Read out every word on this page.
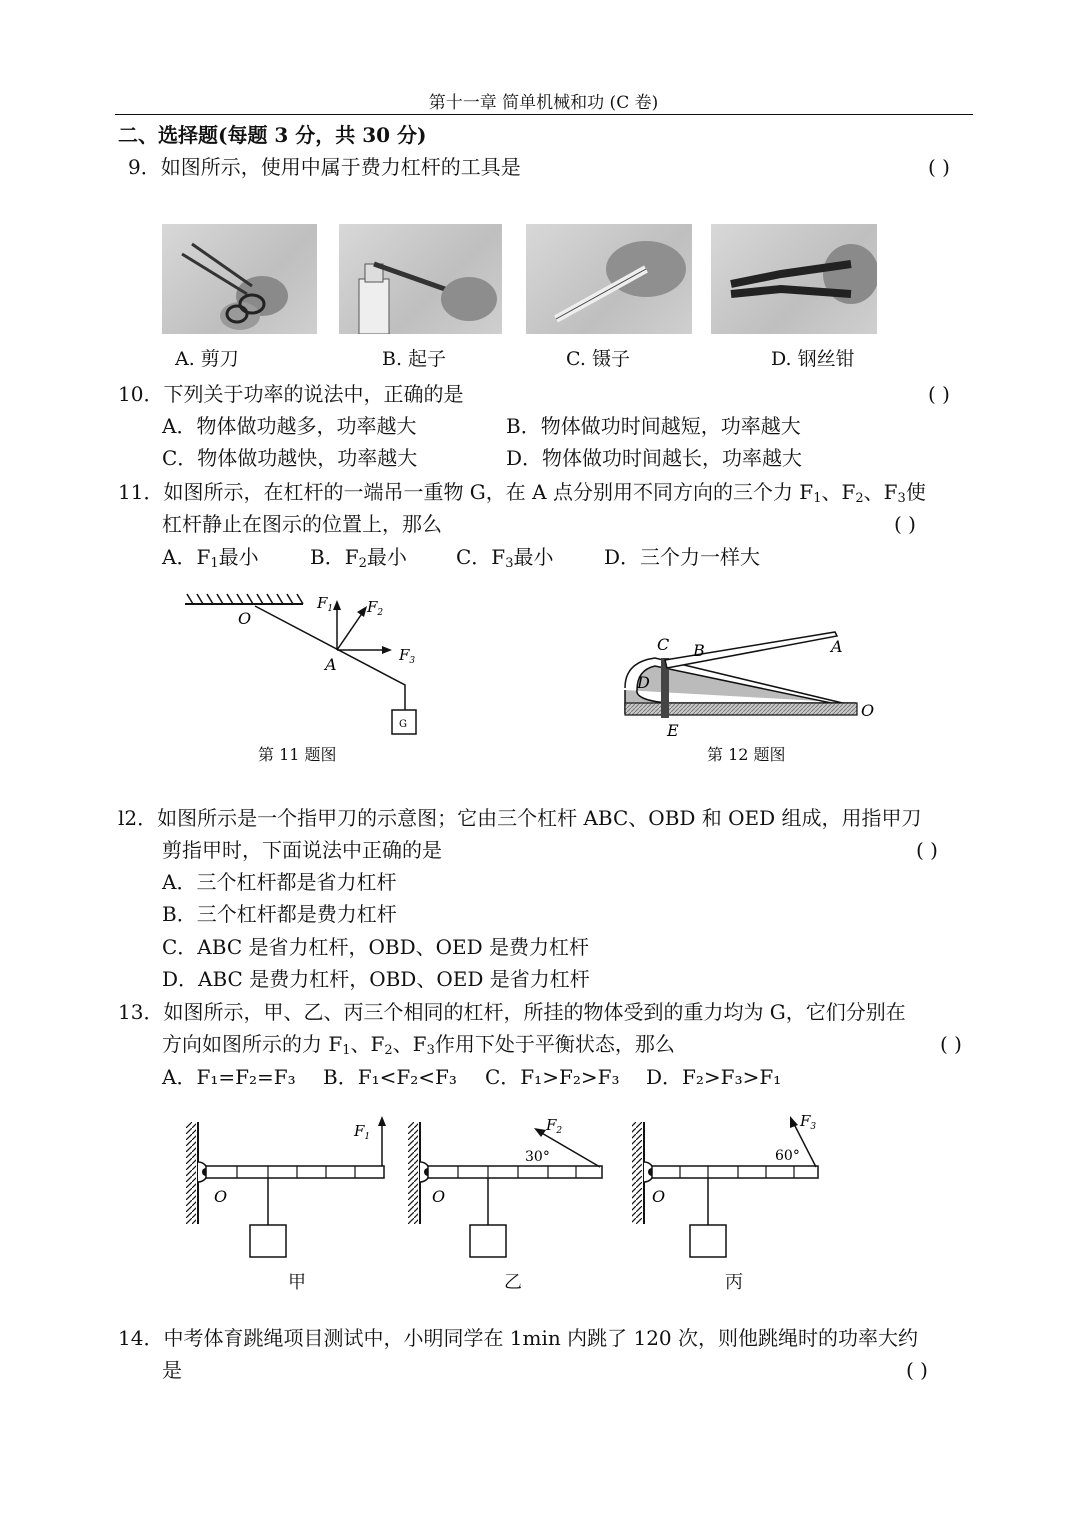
第十一章 简单机械和功 (C 卷)
二、选择题(每题 3 分，共 30 分)
9．如图所示，使用中属于费力杠杆的工具是	( )
A. 剪刀	B. 起子	C. 镊子	D. 钢丝钳
10．下列关于功率的说法中，正确的是	( )
A．物体做功越多，功率越大	B．物体做功时间越短，功率越大
C．物体做功越快，功率越大	D．物体做功时间越长，功率越大
11．如图所示，在杠杆的一端吊一重物 G，在 A 点分别用不同方向的三个力 $F_1$、$F_2$、$F_3$使
杠杆静止在图示的位置上，那么	( )
A．$F_1$最小	B．$F_2$最小 C．$F_3$最小	D．三个力一样大
G
O
A
$F_1$ $F_2$
$F_3$
第 11 题图
C B	A
D
E
O
第 12 题图
l2．如图所示是一个指甲刀的示意图；它由三个杠杆 ABC、OBD 和 OED 组成，用指甲刀
剪指甲时，下面说法中正确的是	( )
A．三个杠杆都是省力杠杆
B．三个杠杆都是费力杠杆
C．ABC 是省力杠杆，OBD、OED 是费力杠杆
D．ABC 是费力杠杆，OBD、OED 是省力杠杆
13．如图所示，甲、乙、丙三个相同的杠杆，所挂的物体受到的重力均为 G，它们分别在
方向如图所示的力 $F_1$、$F_2$、$F_3$作用下处于平衡状态，那么	( )
A．F₁=F₂=F₃ B．F₁<F₂<F₃ C．F₁>F₂>F₃ D．F₂>F₃>F₁
O
$F_1$
O
$F_2$
30°
O
$F_3$
60°
甲	乙	丙
14．中考体育跳绳项目测试中，小明同学在 1min 内跳了 120 次，则他跳绳时的功率大约
是	( )
